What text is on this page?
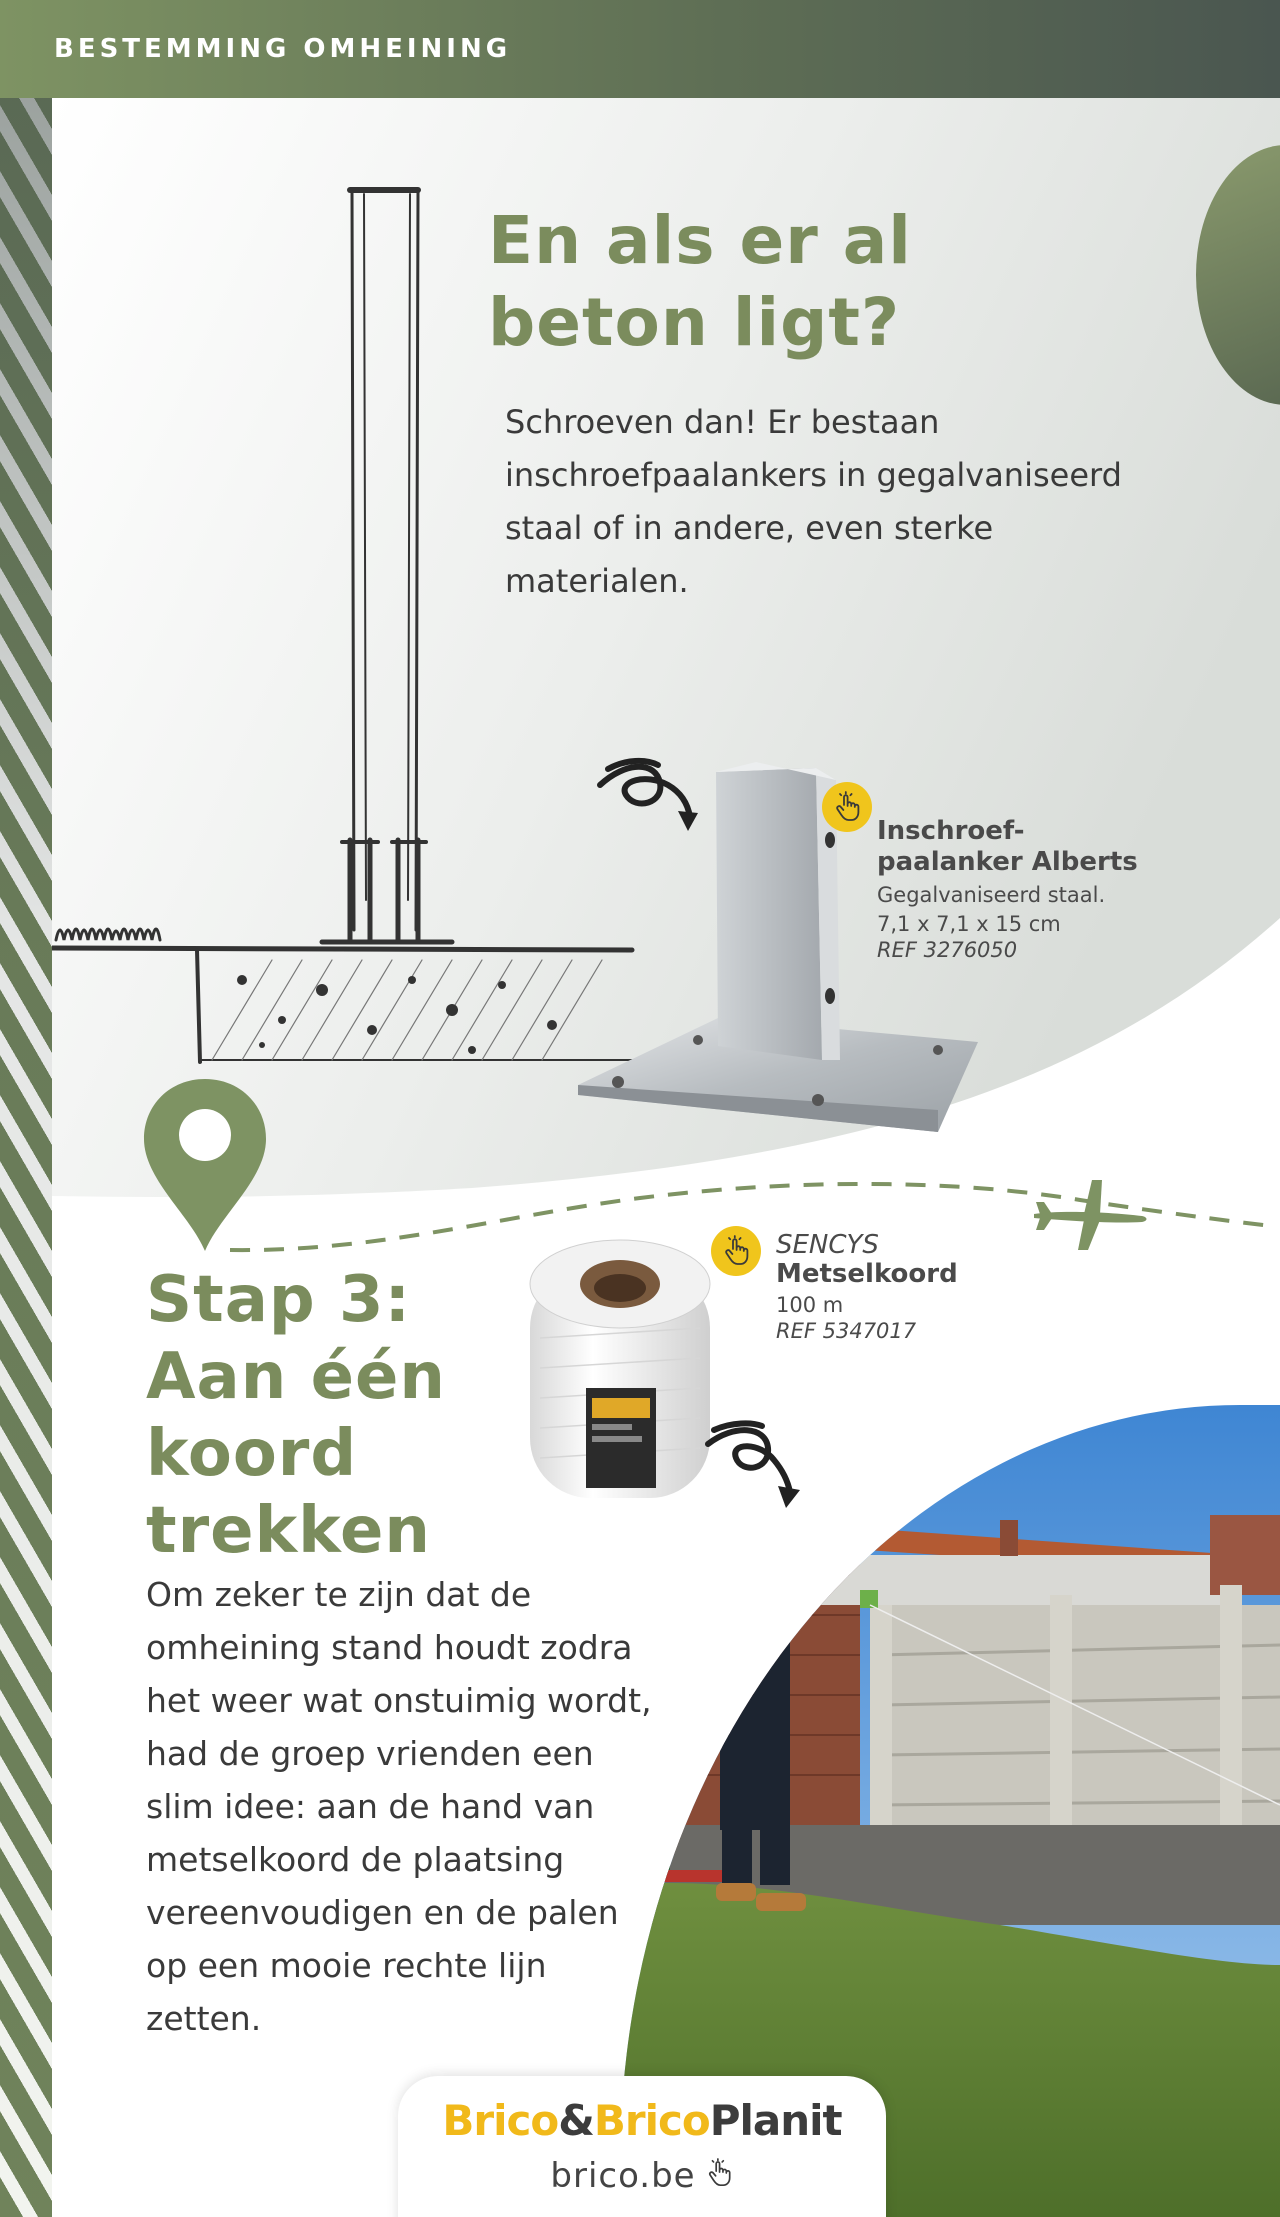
BESTEMMING OMHEINING
En als er al beton ligt?

Schroeven dan! Er bestaan inschroefpaalankers in gegalvaniseerd staal of in andere, even sterke materialen.

Inschroef-
paalanker Alberts
Gegalvaniseerd staal.
7,1 x 7,1 x 15 cm
REF 3276050
Stap 3: Aan één koord trekken
SENCYS
Metselkoord
100 m
REF 5347017

Om zeker te zijn dat de omheining stand houdt zodra het weer wat onstuimig wordt, had de groep vrienden een slim idee: aan de hand van metselkoord de plaatsing vereenvoudigen en de palen op een mooie rechte lijn zetten.

Brico&BricoPlanit
brico.be
